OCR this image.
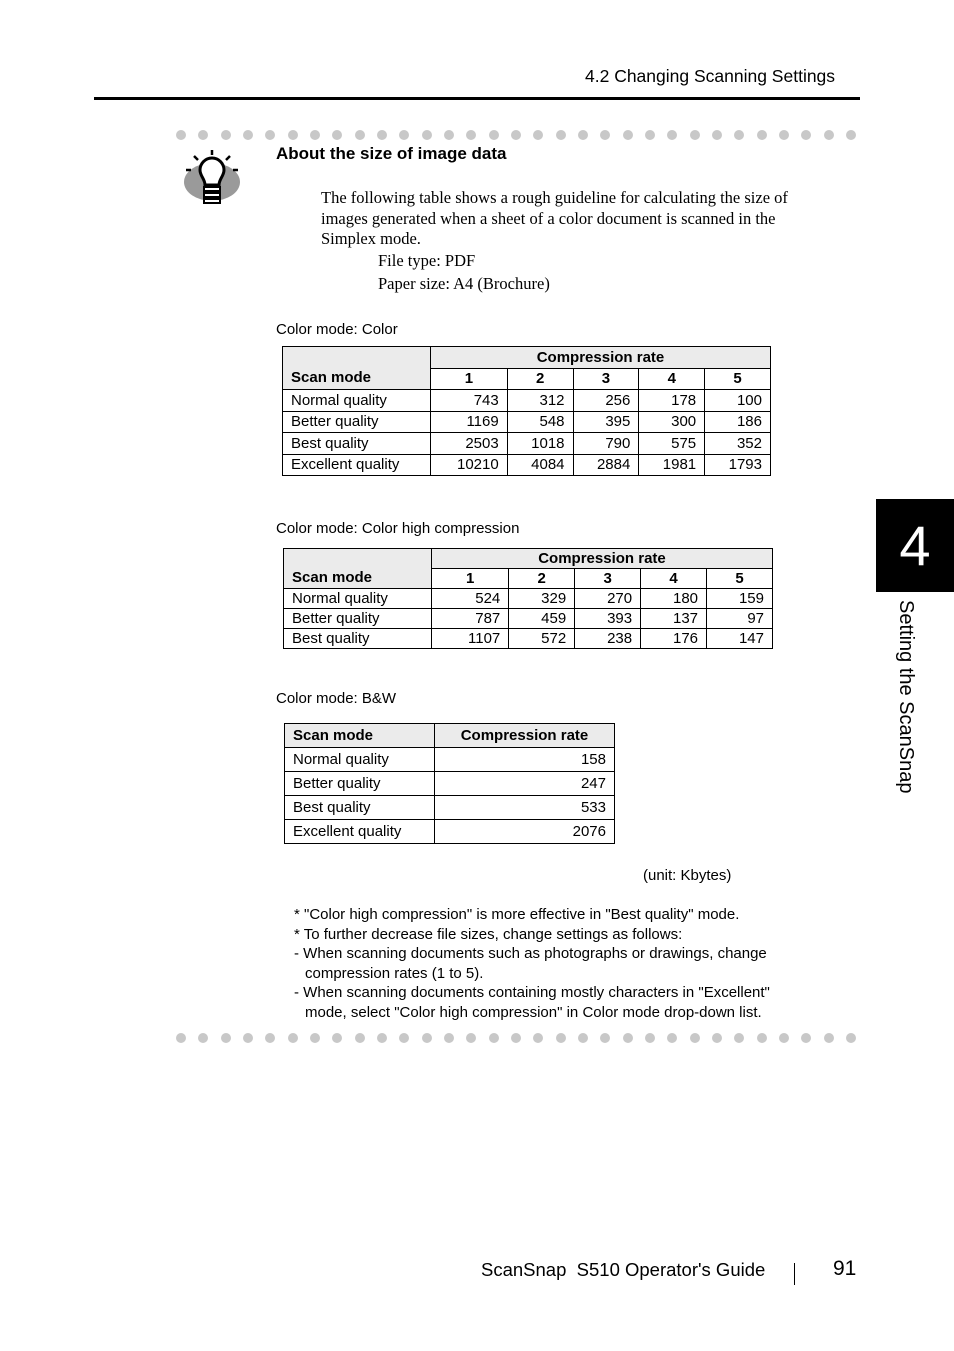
4.2 Changing Scanning Settings
About the size of image data
The following table shows a rough guideline for calculating the size of images generated when a sheet of a color document is scanned in the Simplex mode.
File type: PDF
Paper size: A4 (Brochure)
Color mode: Color
Scan mode	Compression rate				
	1	2	3	4	5
Normal quality	743	312	256	178	100
Better quality	1169	548	395	300	186
Best quality	2503	1018	790	575	352
Excellent quality	10210	4084	2884	1981	1793
Color mode: Color high compression
Scan mode	Compression rate				
	1	2	3	4	5
Normal quality	524	329	270	180	159
Better quality	787	459	393	137	97
Best quality	1107	572	238	176	147
Color mode: B&W
Scan mode	Compression rate
Normal quality	158
Better quality	247
Best quality	533
Excellent quality	2076
(unit: Kbytes)
* "Color high compression" is more effective in "Best quality" mode.
* To further decrease file sizes, change settings as follows:
- When scanning documents such as photographs or drawings, change
compression rates (1 to 5).
- When scanning documents containing mostly characters in "Excellent"
mode, select "Color high compression" in Color mode drop-down list.
4
Setting the ScanSnap
ScanSnap  S510 Operator's Guide	91
